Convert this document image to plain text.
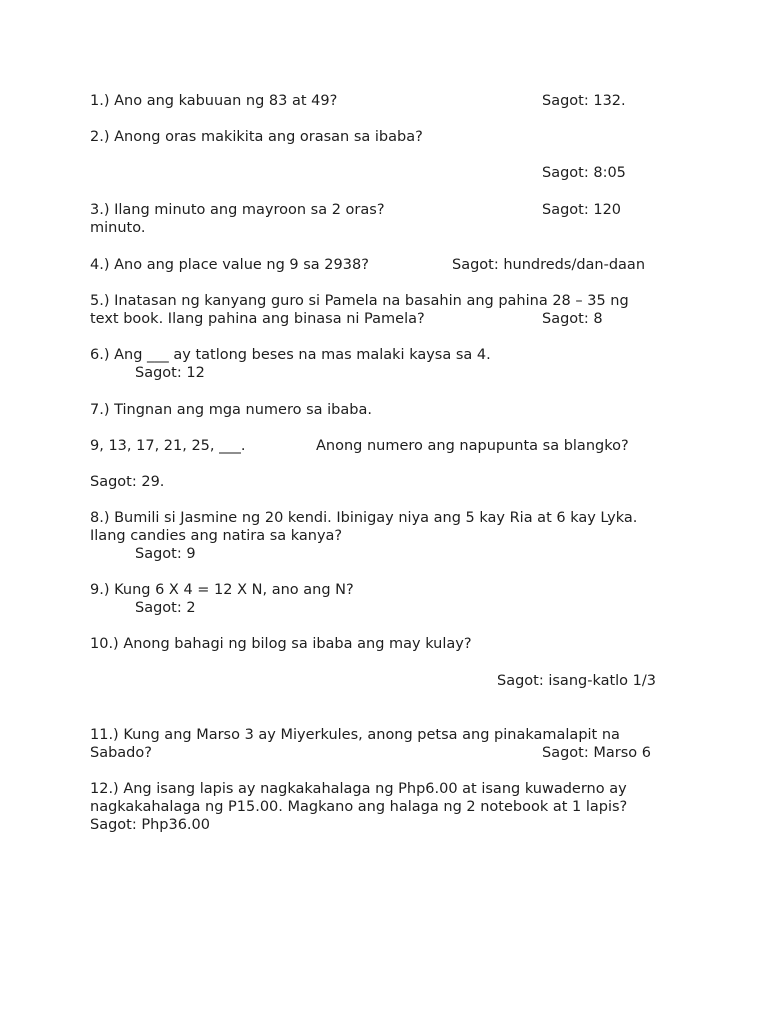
1.) Ano ang kabuuan ng 83 at 49?	Sagot: 132.
2.) Anong oras makikita ang orasan sa ibaba?
Sagot: 8:05
3.) Ilang minuto ang mayroon sa 2 oras?	Sagot: 120
minuto.
4.) Ano ang place value ng 9 sa 2938?	Sagot: hundreds/dan-daan
5.) Inatasan ng kanyang guro si Pamela na basahin ang pahina 28 – 35 ng
text book. Ilang pahina ang binasa ni Pamela?	Sagot: 8
6.) Ang ___ ay tatlong beses na mas malaki kaysa sa 4.
Sagot: 12
7.) Tingnan ang mga numero sa ibaba.
9, 13, 17, 21, 25, ___.	Anong numero ang napupunta sa blangko?
Sagot: 29.
8.) Bumili si Jasmine ng 20 kendi. Ibinigay niya ang 5 kay Ria at 6 kay Lyka.
Ilang candies ang natira sa kanya?
Sagot: 9
9.) Kung 6 X 4 = 12 X N, ano ang N?
Sagot: 2
10.) Anong bahagi ng bilog sa ibaba ang may kulay?
Sagot: isang-katlo 1/3
11.) Kung ang Marso 3 ay Miyerkules, anong petsa ang pinakamalapit na
Sabado?	Sagot: Marso 6
12.) Ang isang lapis ay nagkakahalaga ng Php6.00 at isang kuwaderno ay
nagkakahalaga ng P15.00. Magkano ang halaga ng 2 notebook at 1 lapis?
Sagot: Php36.00
